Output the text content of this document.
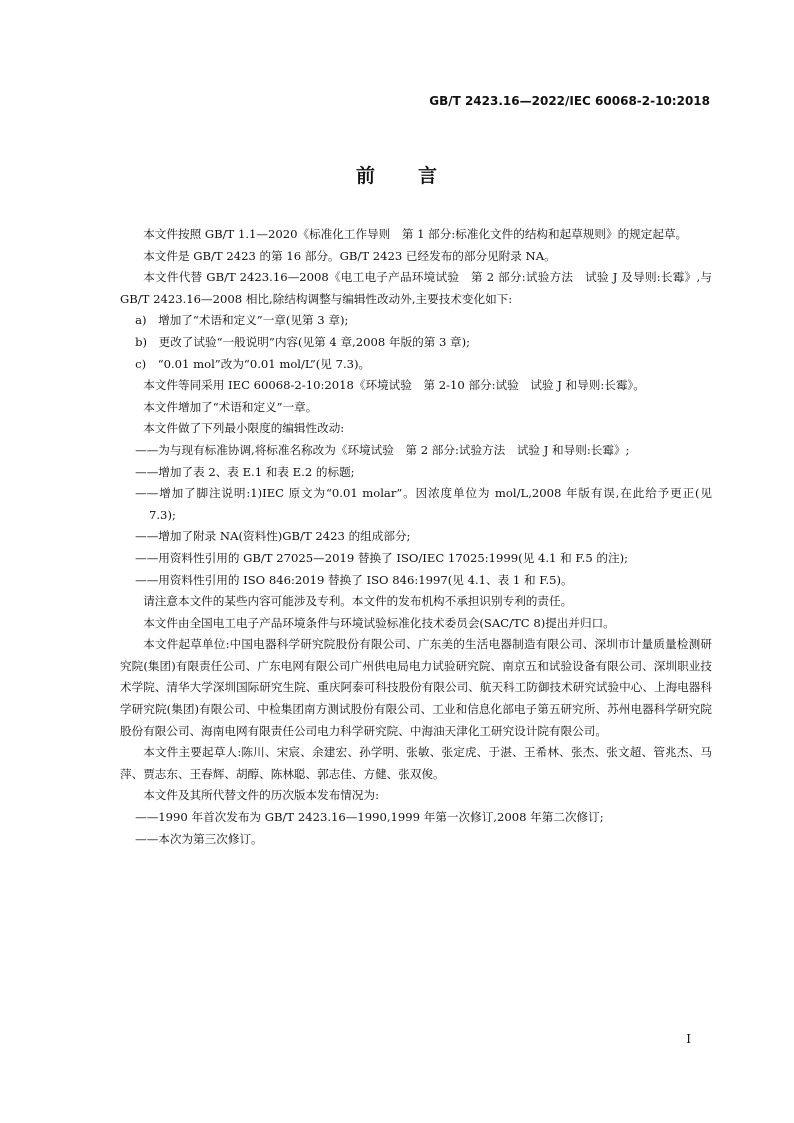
GB/T 2423.16—2022/IEC 60068-2-10:2018
前 言

本文件按照 GB/T 1.1—2020《标准化工作导则　第 1 部分:标准化文件的结构和起草规则》的规定起草。

本文件是 GB/T 2423 的第 16 部分。GB/T 2423 已经发布的部分见附录 NA。

本文件代替 GB/T 2423.16—2008《电工电子产品环境试验　第 2 部分:试验方法　试验 J 及导则:长霉》,与 GB/T 2423.16—2008 相比,除结构调整与编辑性改动外,主要技术变化如下:

a)　增加了“术语和定义”一章(见第 3 章);

b)　更改了试验“一般说明”内容(见第 4 章,2008 年版的第 3 章);

c)　“0.01 mol”改为“0.01 mol/L”(见 7.3)。

本文件等同采用 IEC 60068-2-10:2018《环境试验　第 2-10 部分:试验　试验 J 和导则:长霉》。

本文件增加了“术语和定义”一章。

本文件做了下列最小限度的编辑性改动:

——为与现有标准协调,将标准名称改为《环境试验　第 2 部分:试验方法　试验 J 和导则:长霉》;

——增加了表 2、表 E.1 和表 E.2 的标题;

——增加了脚注说明:1)IEC 原文为“0.01 molar”。因浓度单位为 mol/L,2008 年版有误,在此给予更正(见 7.3);

——增加了附录 NA(资料性)GB/T 2423 的组成部分;

——用资料性引用的 GB/T 27025—2019 替换了 ISO/IEC 17025:1999(见 4.1 和 F.5 的注);

——用资料性引用的 ISO 846:2019 替换了 ISO 846:1997(见 4.1、表 1 和 F.5)。

请注意本文件的某些内容可能涉及专利。本文件的发布机构不承担识别专利的责任。

本文件由全国电工电子产品环境条件与环境试验标准化技术委员会(SAC/TC 8)提出并归口。

本文件起草单位:中国电器科学研究院股份有限公司、广东美的生活电器制造有限公司、深圳市计量质量检测研究院(集团)有限责任公司、广东电网有限公司广州供电局电力试验研究院、南京五和试验设备有限公司、深圳职业技术学院、清华大学深圳国际研究生院、重庆阿泰可科技股份有限公司、航天科工防御技术研究试验中心、上海电器科学研究院(集团)有限公司、中检集团南方测试股份有限公司、工业和信息化部电子第五研究所、苏州电器科学研究院股份有限公司、海南电网有限责任公司电力科学研究院、中海油天津化工研究设计院有限公司。

本文件主要起草人:陈川、宋宸、余建宏、孙学明、张敏、张定虎、于湛、王希林、张杰、张文超、管兆杰、马萍、贾志东、王春辉、胡醇、陈林聪、郭志佳、方健、张双俊。

本文件及其所代替文件的历次版本发布情况为:

——1990 年首次发布为 GB/T 2423.16—1990,1999 年第一次修订,2008 年第二次修订;

——本次为第三次修订。

I
